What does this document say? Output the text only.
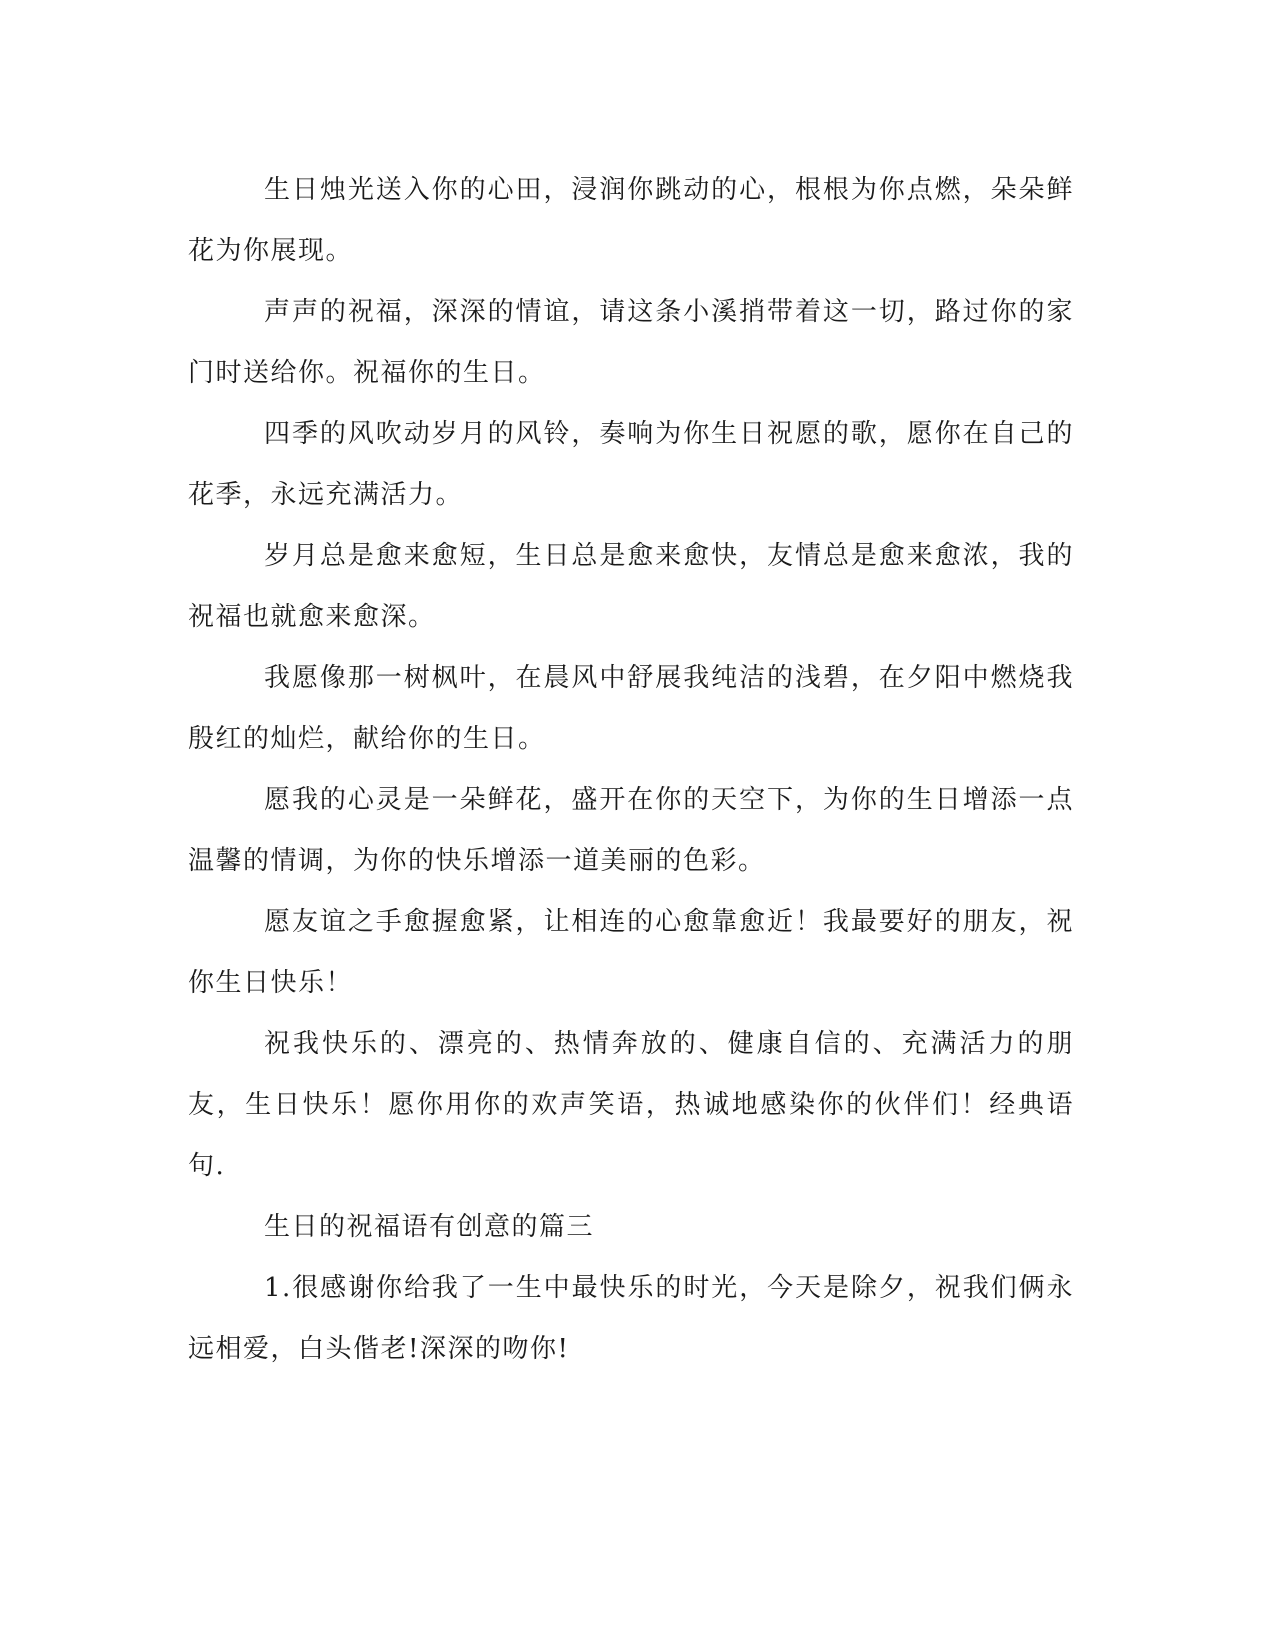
生日烛光送入你的心田，浸润你跳动的心，根根为你点燃，朵朵鲜花为你展现。

声声的祝福，深深的情谊，请这条小溪捎带着这一切，路过你的家门时送给你。祝福你的生日。

四季的风吹动岁月的风铃，奏响为你生日祝愿的歌，愿你在自己的花季，永远充满活力。

岁月总是愈来愈短，生日总是愈来愈快，友情总是愈来愈浓，我的祝福也就愈来愈深。

我愿像那一树枫叶，在晨风中舒展我纯洁的浅碧，在夕阳中燃烧我殷红的灿烂，献给你的生日。

愿我的心灵是一朵鲜花，盛开在你的天空下，为你的生日增添一点温馨的情调，为你的快乐增添一道美丽的色彩。

愿友谊之手愈握愈紧，让相连的心愈靠愈近！我最要好的朋友，祝你生日快乐！

祝我快乐的、漂亮的、热情奔放的、健康自信的、充满活力的朋友，生日快乐！愿你用你的欢声笑语，热诚地感染你的伙伴们！经典语句.

生日的祝福语有创意的篇三

1.很感谢你给我了一生中最快乐的时光，今天是除夕，祝我们俩永远相爱，白头偕老!深深的吻你!
